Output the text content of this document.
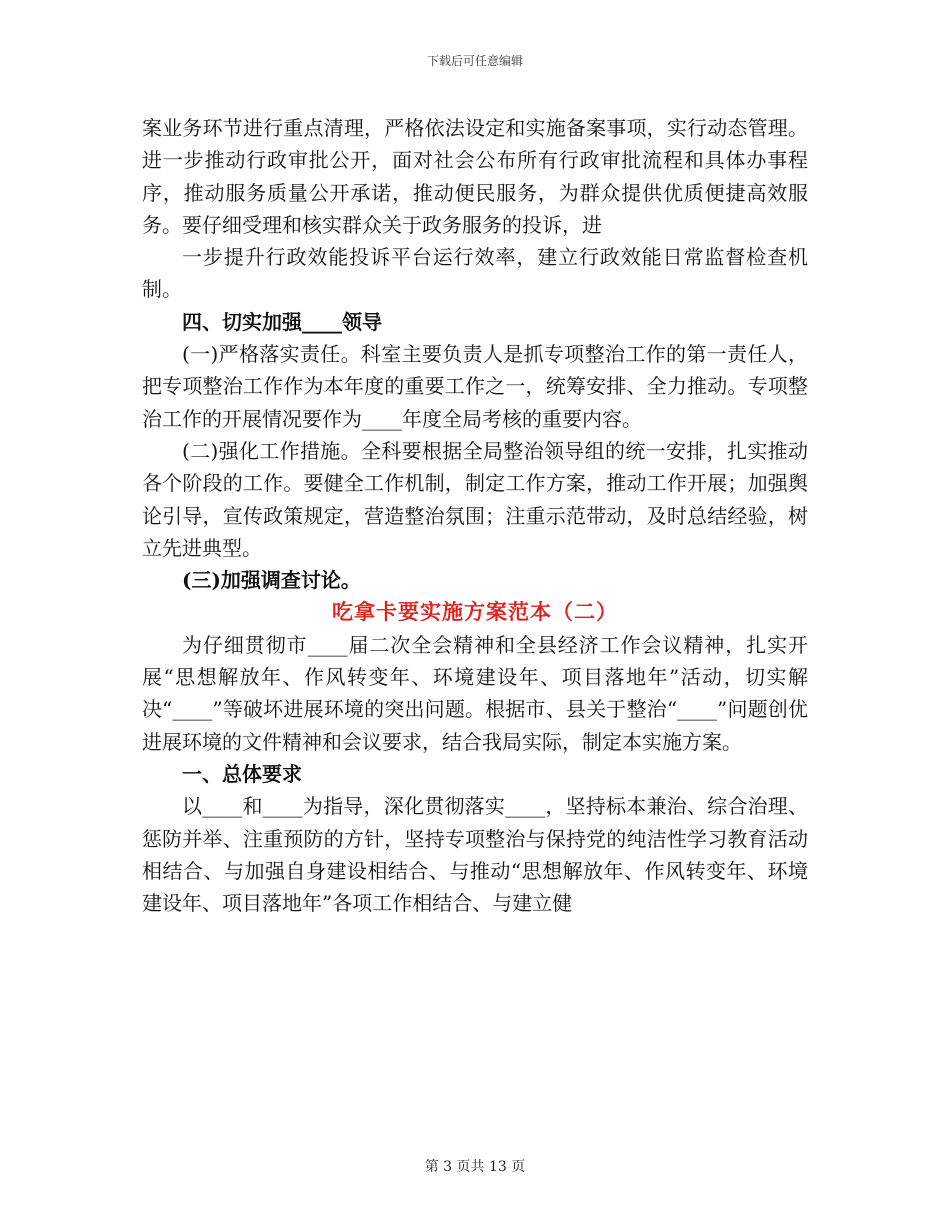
下载后可任意编辑

案业务环节进行重点清理，严格依法设定和实施备案事项，实行动态管理。进一步推动行政审批公开，面对社会公布所有行政审批流程和具体办事程序，推动服务质量公开承诺，推动便民服务，为群众提供优质便捷高效服务。要仔细受理和核实群众关于政务服务的投诉，进

一步提升行政效能投诉平台运行效率，建立行政效能日常监督检查机制。

四、切实加强____领导

(一)严格落实责任。科室主要负责人是抓专项整治工作的第一责任人，把专项整治工作作为本年度的重要工作之一，统筹安排、全力推动。专项整治工作的开展情况要作为____年度全局考核的重要内容。

(二)强化工作措施。全科要根据全局整治领导组的统一安排，扎实推动各个阶段的工作。要健全工作机制，制定工作方案，推动工作开展；加强舆论引导，宣传政策规定，营造整治氛围；注重示范带动，及时总结经验，树立先进典型。

(三)加强调查讨论。

吃拿卡要实施方案范本（二）

为仔细贯彻市____届二次全会精神和全县经济工作会议精神，扎实开展“思想解放年、作风转变年、环境建设年、项目落地年”活动，切实解决“____”等破坏进展环境的突出问题。根据市、县关于整治“____”问题创优进展环境的文件精神和会议要求，结合我局实际，制定本实施方案。

一、总体要求

以____和____为指导，深化贯彻落实____，坚持标本兼治、综合治理、惩防并举、注重预防的方针，坚持专项整治与保持党的纯洁性学习教育活动相结合、与加强自身建设相结合、与推动“思想解放年、作风转变年、环境建设年、项目落地年”各项工作相结合、与建立健

第 3 页共 13 页
